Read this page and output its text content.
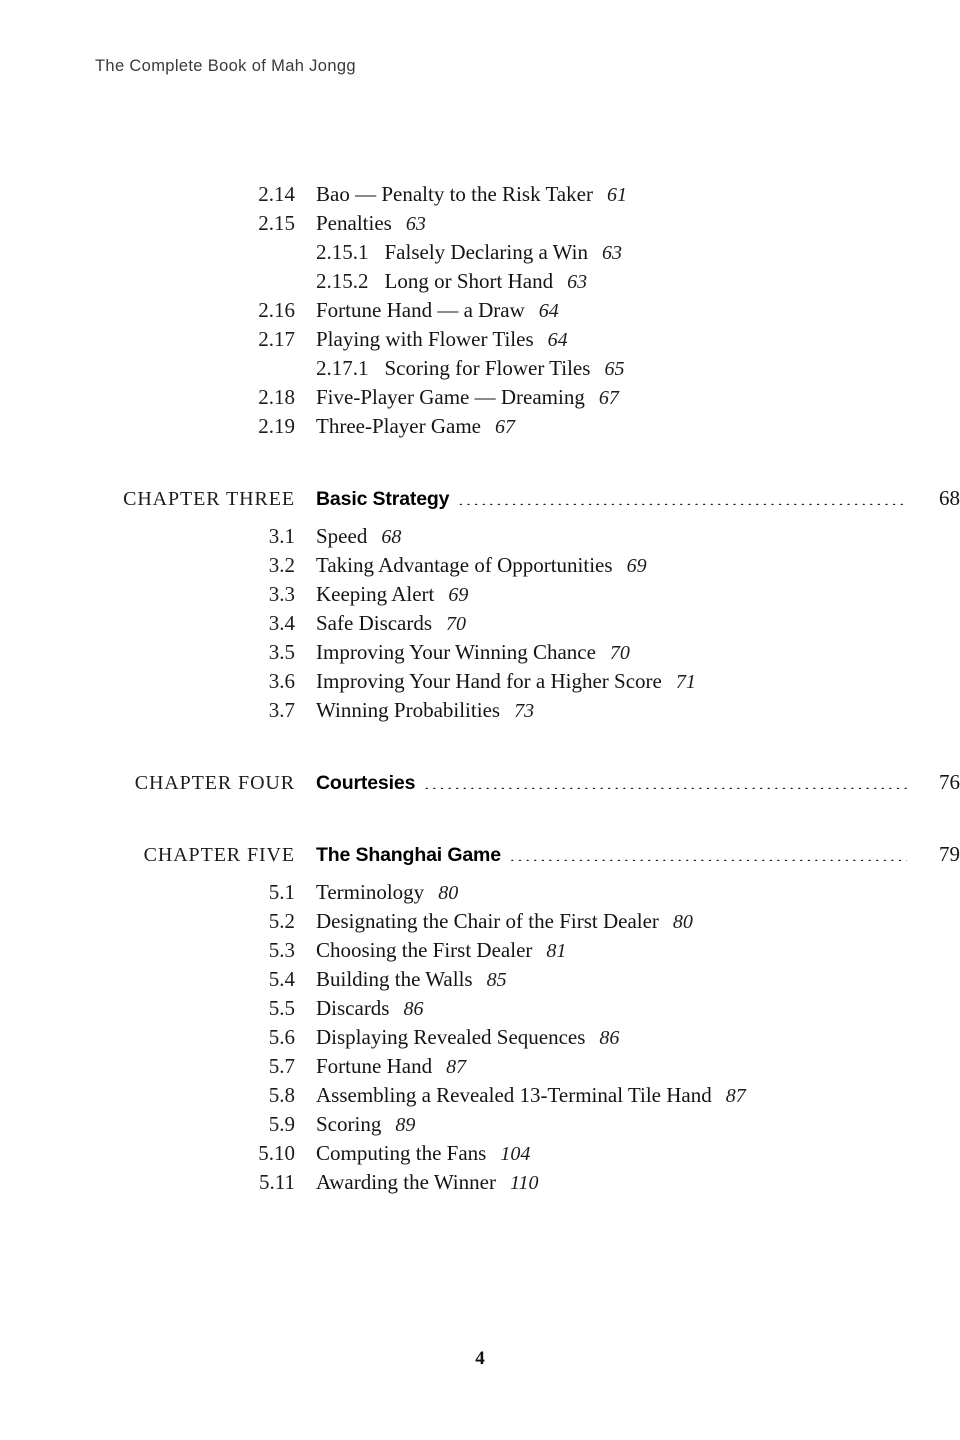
The Complete Book of Mah Jongg
2.14 Bao — Penalty to the Risk Taker 61
2.15 Penalties 63
2.15.1 Falsely Declaring a Win 63
2.15.2 Long or Short Hand 63
2.16 Fortune Hand — a Draw 64
2.17 Playing with Flower Tiles 64
2.17.1 Scoring for Flower Tiles 65
2.18 Five-Player Game — Dreaming 67
2.19 Three-Player Game 67
CHAPTER THREE Basic Strategy .....	68
3.1 Speed 68
3.2 Taking Advantage of Opportunities 69
3.3 Keeping Alert 69
3.4 Safe Discards 70
3.5 Improving Your Winning Chance 70
3.6 Improving Your Hand for a Higher Score 71
3.7 Winning Probabilities 73
CHAPTER FOUR Courtesies .....	76
CHAPTER FIVE The Shanghai Game .....	79
5.1 Terminology 80
5.2 Designating the Chair of the First Dealer 80
5.3 Choosing the First Dealer 81
5.4 Building the Walls 85
5.5 Discards 86
5.6 Displaying Revealed Sequences 86
5.7 Fortune Hand 87
5.8 Assembling a Revealed 13-Terminal Tile Hand 87
5.9 Scoring 89
5.10 Computing the Fans 104
5.11 Awarding the Winner 110
4
